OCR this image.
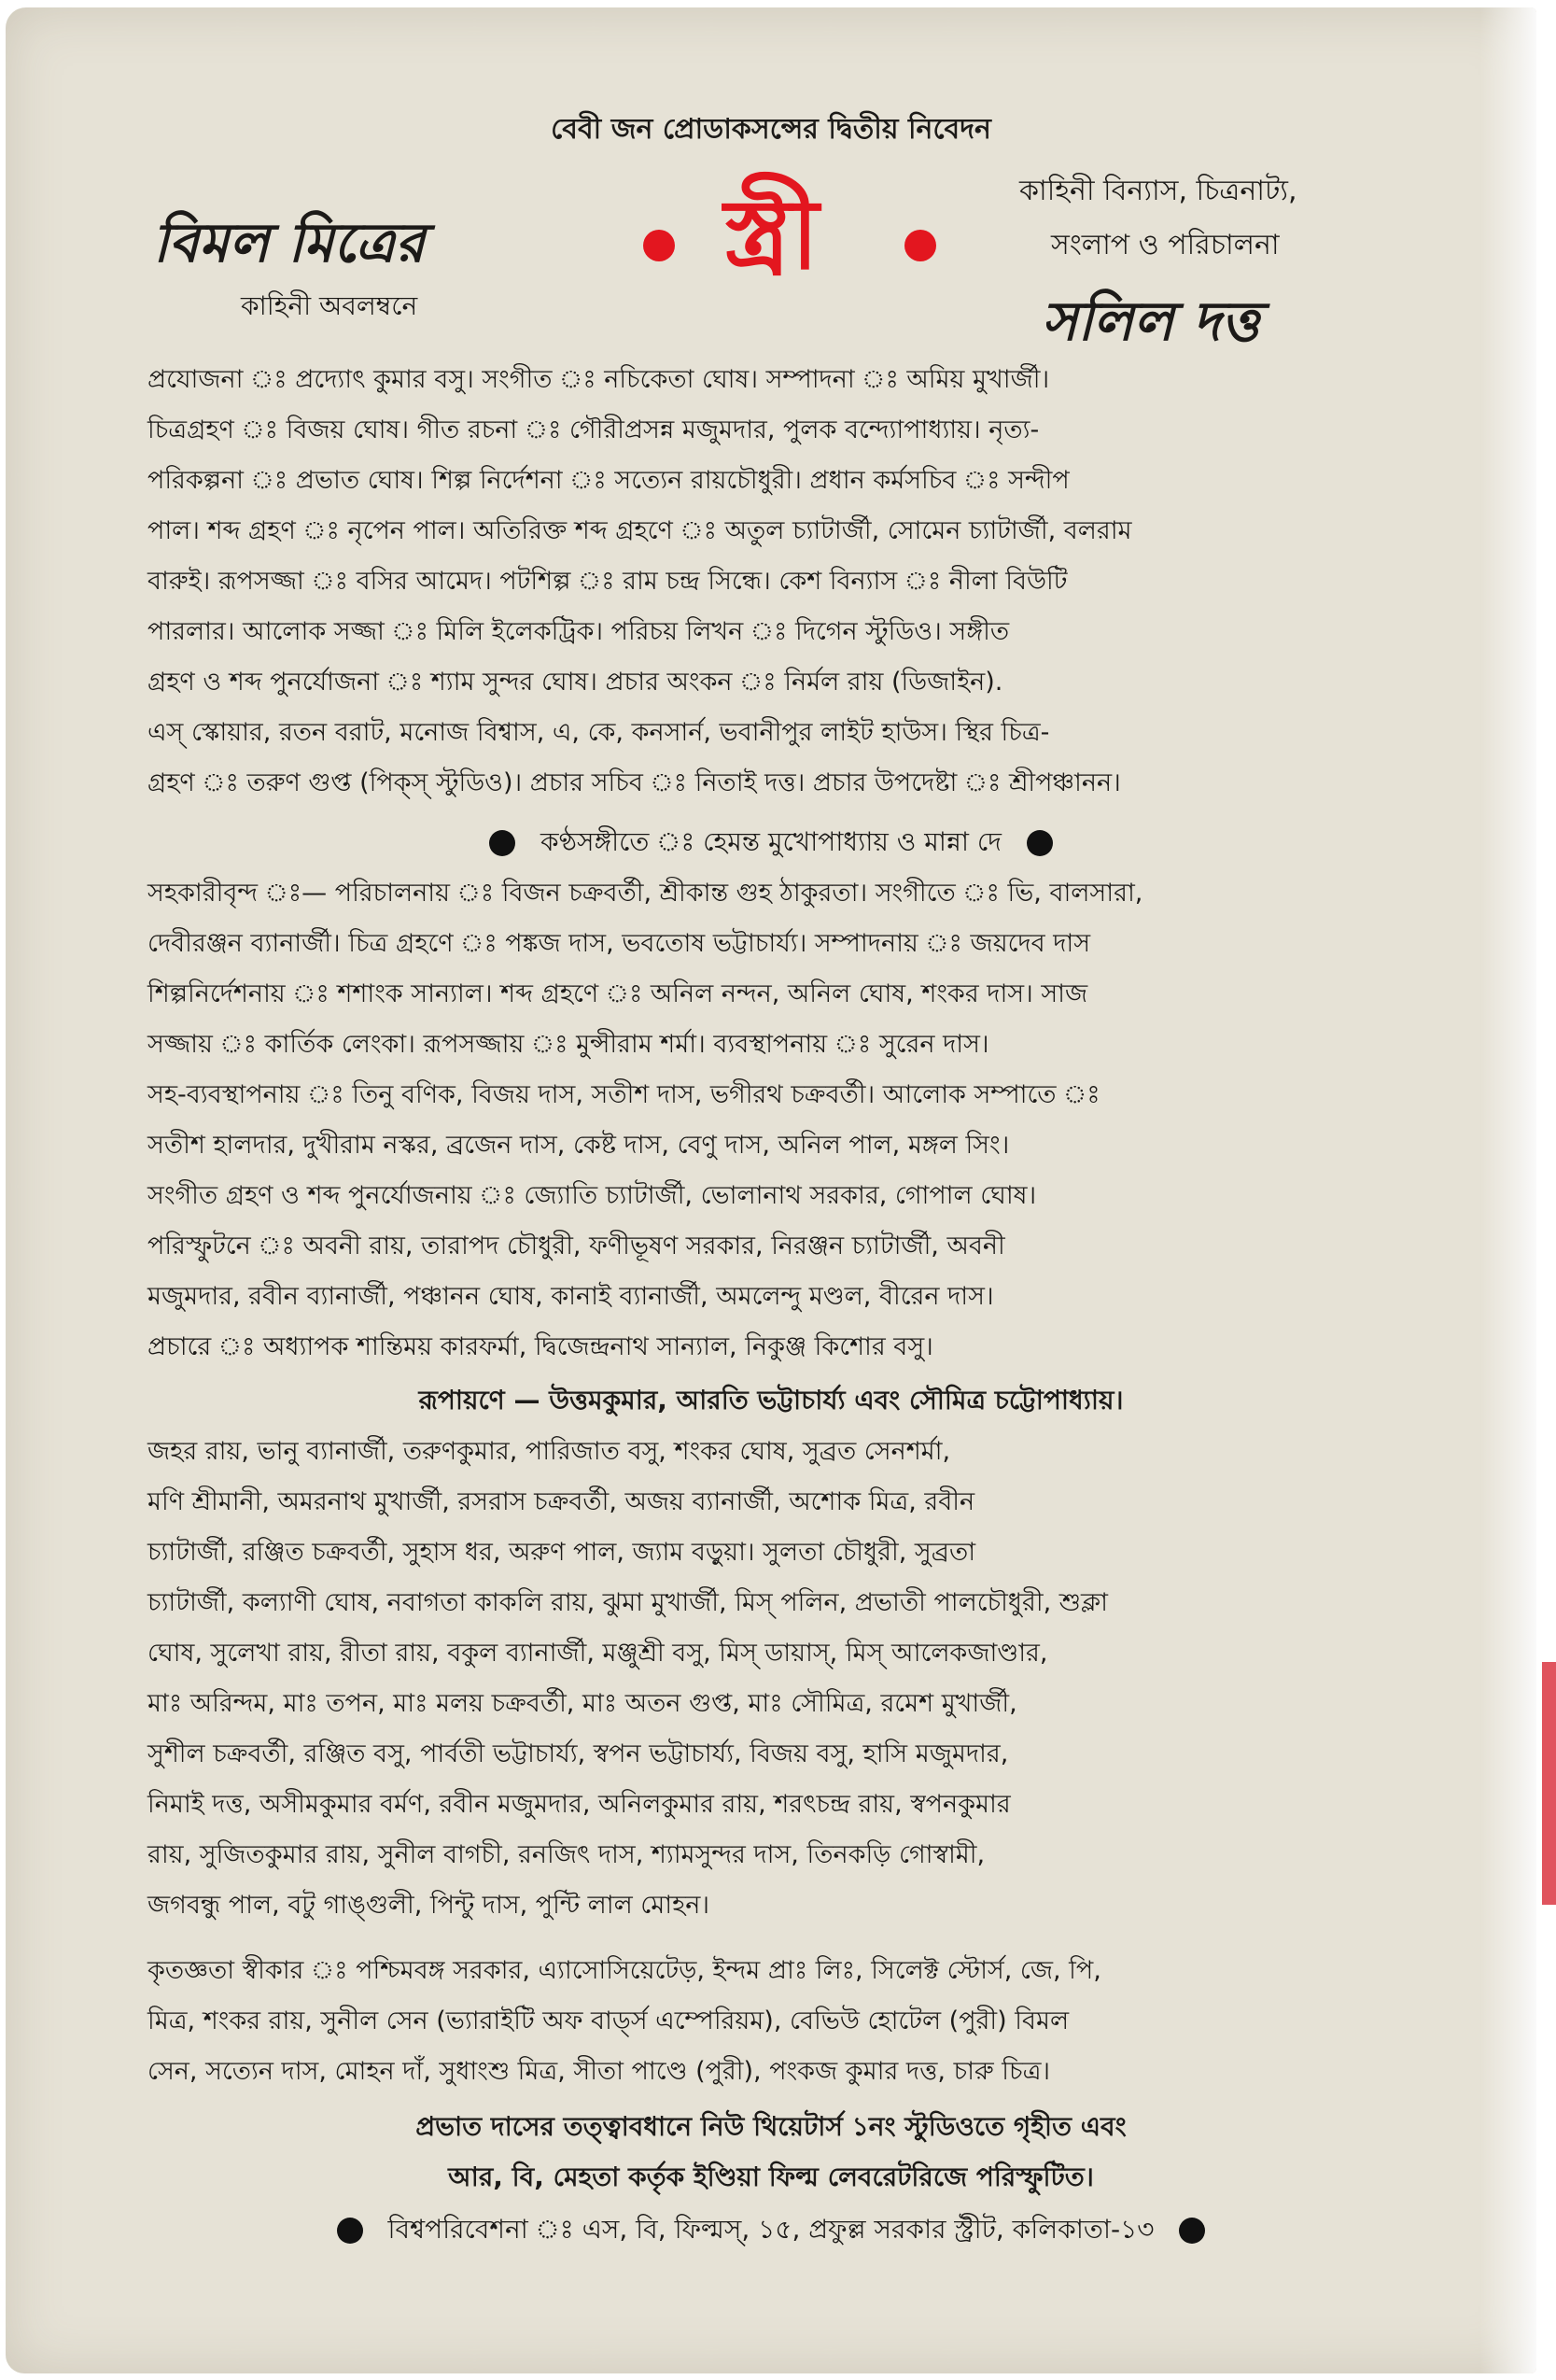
বেবী জন প্রোডাকসন্সের দ্বিতীয় নিবেদন
বিমল মিত্রের
কাহিনী অবলম্বনে
স্ত্রী	কাহিনী বিন্যাস, চিত্রনাট্য,
সংলাপ ও পরিচালনা
সলিল দত্ত
প্রযোজনা ঃ প্রদ্যোৎ কুমার বসু। সংগীত ঃ নচিকেতা ঘোষ। সম্পাদনা ঃ অমিয় মুখার্জী।
চিত্রগ্রহণ ঃ বিজয় ঘোষ। গীত রচনা ঃ গৌরীপ্রসন্ন মজুমদার, পুলক বন্দ্যোপাধ্যায়। নৃত্য-
পরিকল্পনা ঃ প্রভাত ঘোষ। শিল্প নির্দেশনা ঃ সত্যেন রায়চৌধুরী। প্রধান কর্মসচিব ঃ সন্দীপ
পাল। শব্দ গ্রহণ ঃ নৃপেন পাল। অতিরিক্ত শব্দ গ্রহণে ঃ অতুল চ্যাটার্জী, সোমেন চ্যাটার্জী, বলরাম
বারুই। রূপসজ্জা ঃ বসির আমেদ। পটশিল্প ঃ রাম চন্দ্র সিন্ধে। কেশ বিন্যাস ঃ নীলা বিউটি
পারলার। আলোক সজ্জা ঃ মিলি ইলেকট্রিক। পরিচয় লিখন ঃ দিগেন স্টুডিও। সঙ্গীত
গ্রহণ ও শব্দ পুনর্যোজনা ঃ শ্যাম সুন্দর ঘোষ। প্রচার অংকন ঃ নির্মল রায় (ডিজাইন).
এস্ স্কোয়ার, রতন বরাট, মনোজ বিশ্বাস, এ, কে, কনসার্ন, ভবানীপুর লাইট হাউস। স্থির চিত্র-
গ্রহণ ঃ তরুণ গুপ্ত (পিক্স্ স্টুডিও)। প্রচার সচিব ঃ নিতাই দত্ত। প্রচার উপদেষ্টা ঃ শ্রীপঞ্চানন।
কণ্ঠসঙ্গীতে ঃ হেমন্ত মুখোপাধ্যায় ও মান্না দে
সহকারীবৃন্দ ঃ— পরিচালনায় ঃ বিজন চক্রবর্তী, শ্রীকান্ত গুহ ঠাকুরতা। সংগীতে ঃ ভি, বালসারা,
দেবীরঞ্জন ব্যানার্জী। চিত্র গ্রহণে ঃ পঙ্কজ দাস, ভবতোষ ভট্টাচার্য্য। সম্পাদনায় ঃ জয়দেব দাস
শিল্পনির্দেশনায় ঃ শশাংক সান্যাল। শব্দ গ্রহণে ঃ অনিল নন্দন, অনিল ঘোষ, শংকর দাস। সাজ
সজ্জায় ঃ কার্তিক লেংকা। রূপসজ্জায় ঃ মুন্সীরাম শর্মা। ব্যবস্থাপনায় ঃ সুরেন দাস।
সহ-ব্যবস্থাপনায় ঃ তিনু বণিক, বিজয় দাস, সতীশ দাস, ভগীরথ চক্রবর্তী। আলোক সম্পাতে ঃ
সতীশ হালদার, দুখীরাম নস্কর, ব্রজেন দাস, কেষ্ট দাস, বেণু দাস, অনিল পাল, মঙ্গল সিং।
সংগীত গ্রহণ ও শব্দ পুনর্যোজনায় ঃ জ্যোতি চ্যাটার্জী, ভোলানাথ সরকার, গোপাল ঘোষ।
পরিস্ফুটনে ঃ অবনী রায়, তারাপদ চৌধুরী, ফণীভূষণ সরকার, নিরঞ্জন চ্যাটার্জী, অবনী
মজুমদার, রবীন ব্যানার্জী, পঞ্চানন ঘোষ, কানাই ব্যানার্জী, অমলেন্দু মণ্ডল, বীরেন দাস।
প্রচারে ঃ অধ্যাপক শান্তিময় কারফর্মা, দ্বিজেন্দ্রনাথ সান্যাল, নিকুঞ্জ কিশোর বসু।
রূপায়ণে — উত্তমকুমার, আরতি ভট্টাচার্য্য এবং সৌমিত্র চট্টোপাধ্যায়।
জহর রায়, ভানু ব্যানার্জী, তরুণকুমার, পারিজাত বসু, শংকর ঘোষ, সুব্রত সেনশর্মা,
মণি শ্রীমানী, অমরনাথ মুখার্জী, রসরাস চক্রবর্তী, অজয় ব্যানার্জী, অশোক মিত্র, রবীন
চ্যাটার্জী, রঞ্জিত চক্রবর্তী, সুহাস ধর, অরুণ পাল, জ্যাম বড়ুয়া। সুলতা চৌধুরী, সুব্রতা
চ্যাটার্জী, কল্যাণী ঘোষ, নবাগতা কাকলি রায়, ঝুমা মুখার্জী, মিস্ পলিন, প্রভাতী পালচৌধুরী, শুক্লা
ঘোষ, সুলেখা রায়, রীতা রায়, বকুল ব্যানার্জী, মঞ্জুশ্রী বসু, মিস্ ডায়াস্, মিস্ আলেকজাণ্ডার,
মাঃ অরিন্দম, মাঃ তপন, মাঃ মলয় চক্রবর্তী, মাঃ অতন গুপ্ত, মাঃ সৌমিত্র, রমেশ মুখার্জী,
সুশীল চক্রবর্তী, রঞ্জিত বসু, পার্বতী ভট্টাচার্য্য, স্বপন ভট্টাচার্য্য, বিজয় বসু, হাসি মজুমদার,
নিমাই দত্ত, অসীমকুমার বর্মণ, রবীন মজুমদার, অনিলকুমার রায়, শরৎচন্দ্র রায়, স্বপনকুমার
রায়, সুজিতকুমার রায়, সুনীল বাগচী, রনজিৎ দাস, শ্যামসুন্দর দাস, তিনকড়ি গোস্বামী,
জগবন্ধু পাল, বটু গাঙ্গুলী, পিন্টু দাস, পুন্টি লাল মোহন।
কৃতজ্ঞতা স্বীকার ঃ পশ্চিমবঙ্গ সরকার, এ্যাসোসিয়েটেড়, ইন্দম প্রাঃ লিঃ, সিলেক্ট স্টোর্স, জে, পি,
মিত্র, শংকর রায়, সুনীল সেন (ভ্যারাইটি অফ বার্ড্স এম্পেরিয়ম), বেভিউ হোটেল (পুরী) বিমল
সেন, সত্যেন দাস, মোহন দাঁ, সুধাংশু মিত্র, সীতা পাণ্ডে (পুরী), পংকজ কুমার দত্ত, চারু চিত্র।
প্রভাত দাসের তত্ত্বাবধানে নিউ থিয়েটার্স ১নং স্টুডিওতে গৃহীত এবং
আর, বি, মেহতা কর্তৃক ইণ্ডিয়া ফিল্ম লেবরেটরিজে পরিস্ফুটিত।
বিশ্বপরিবেশনা ঃ এস, বি, ফিল্মস্, ১৫, প্রফুল্ল সরকার স্ট্রীট, কলিকাতা-১৩
